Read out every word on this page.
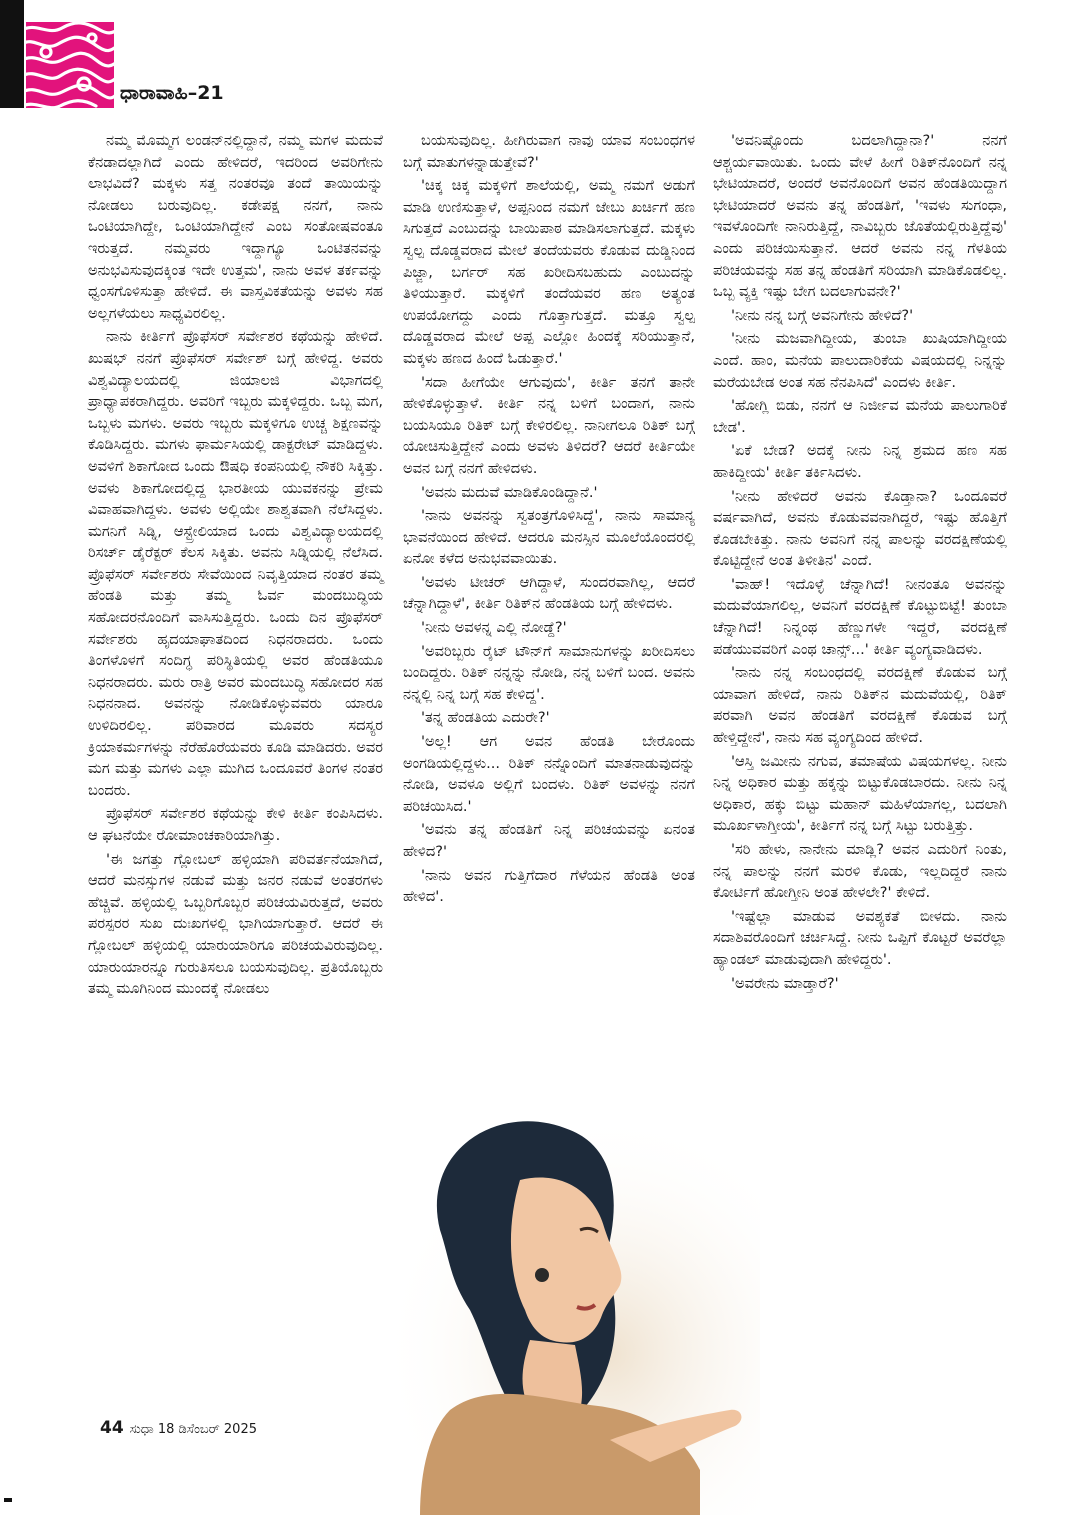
ಧಾರಾವಾಹಿ–21

ನಮ್ಮ ಮೊಮ್ಮಗ ಲಂಡನ್‌ನಲ್ಲಿದ್ದಾನೆ, ನಮ್ಮ ಮಗಳ ಮದುವೆ ಕೆನಡಾದಲ್ಲಾಗಿದೆ ಎಂದು ಹೇಳಿದರೆ, ಇದರಿಂದ ಅವರಿಗೇನು ಲಾಭವಿದೆ? ಮಕ್ಕಳು ಸತ್ತ ನಂತರವೂ ತಂದೆ ತಾಯಿಯನ್ನು ನೋಡಲು ಬರುವುದಿಲ್ಲ. ಕಡೇಪಕ್ಷ ನನಗೆ, ನಾನು ಒಂಟಿಯಾಗಿದ್ದೇ, ಒಂಟಿಯಾಗಿದ್ದೇನೆ ಎಂಬ ಸಂತೋಷವಂತೂ ಇರುತ್ತದೆ. ನಮ್ಮವರು ಇದ್ದಾಗ್ಯೂ ಒಂಟಿತನವನ್ನು ಅನುಭವಿಸುವುದಕ್ಕಿಂತ ಇದೇ ಉತ್ತಮ', ನಾನು ಅವಳ ತರ್ಕವನ್ನು ಧ್ವಂಸಗೊಳಿಸುತ್ತಾ ಹೇಳಿದೆ. ಈ ವಾಸ್ತವಿಕತೆಯನ್ನು ಅವಳು ಸಹ ಅಲ್ಲಗಳೆಯಲು ಸಾಧ್ಯವಿರಲಿಲ್ಲ.

ನಾನು ಕೀರ್ತಿಗೆ ಪ್ರೊಫೆಸರ್ ಸರ್ವೇಶರ ಕಥೆಯನ್ನು ಹೇಳಿದೆ. ಖುಷಭ್ ನನಗೆ ಪ್ರೊಫೆಸರ್ ಸರ್ವೇಶ್ ಬಗ್ಗೆ ಹೇಳಿದ್ದ. ಅವರು ವಿಶ್ವವಿದ್ಯಾಲಯದಲ್ಲಿ ಜಿಯಾಲಜಿ ವಿಭಾಗದಲ್ಲಿ ಪ್ರಾಧ್ಯಾಪಕರಾಗಿದ್ದರು. ಅವರಿಗೆ ಇಬ್ಬರು ಮಕ್ಕಳಿದ್ದರು. ಒಬ್ಬ ಮಗ, ಒಬ್ಬಳು ಮಗಳು. ಅವರು ಇಬ್ಬರು ಮಕ್ಕಳಿಗೂ ಉಚ್ಚ ಶಿಕ್ಷಣವನ್ನು ಕೊಡಿಸಿದ್ದರು. ಮಗಳು ಫಾರ್ಮಸಿಯಲ್ಲಿ ಡಾಕ್ಟರೇಟ್ ಮಾಡಿದ್ದಳು. ಅವಳಿಗೆ ಶಿಕಾಗೋದ ಒಂದು ಔಷಧಿ ಕಂಪನಿಯಲ್ಲಿ ನೌಕರಿ ಸಿಕ್ಕಿತ್ತು. ಅವಳು ಶಿಕಾಗೋದಲ್ಲಿದ್ದ ಭಾರತೀಯ ಯುವಕನನ್ನು ಪ್ರೇಮ ವಿವಾಹವಾಗಿದ್ದಳು. ಅವಳು ಅಲ್ಲಿಯೇ ಶಾಶ್ವತವಾಗಿ ನೆಲೆಸಿದ್ದಳು. ಮಗನಿಗೆ ಸಿಡ್ನಿ, ಆಸ್ಟ್ರೇಲಿಯಾದ ಒಂದು ವಿಶ್ವವಿದ್ಯಾಲಯದಲ್ಲಿ ರಿಸರ್ಚ್ ಡೈರೆಕ್ಟರ್ ಕೆಲಸ ಸಿಕ್ಕಿತು. ಅವನು ಸಿಡ್ನಿಯಲ್ಲಿ ನೆಲೆಸಿದ. ಪ್ರೊಫೆಸರ್ ಸರ್ವೇಶರು ಸೇವೆಯಿಂದ ನಿವೃತ್ತಿಯಾದ ನಂತರ ತಮ್ಮ ಹೆಂಡತಿ ಮತ್ತು ತಮ್ಮ ಓರ್ವ ಮಂದಬುದ್ಧಿಯ ಸಹೋದರನೊಂದಿಗೆ ವಾಸಿಸುತ್ತಿದ್ದರು. ಒಂದು ದಿನ ಪ್ರೊಫೆಸರ್ ಸರ್ವೇಶರು ಹೃದಯಾಘಾತದಿಂದ ನಿಧನರಾದರು. ಒಂದು ತಿಂಗಳೊಳಗೆ ಸಂದಿಗ್ಧ ಪರಿಸ್ಥಿತಿಯಲ್ಲಿ ಅವರ ಹೆಂಡತಿಯೂ ನಿಧನರಾದರು. ಮರು ರಾತ್ರಿ ಅವರ ಮಂದಬುದ್ಧಿ ಸಹೋದರ ಸಹ ನಿಧನನಾದ. ಅವನನ್ನು ನೋಡಿಕೊಳ್ಳುವವರು ಯಾರೂ ಉಳಿದಿರಲಿಲ್ಲ. ಪರಿವಾರದ ಮೂವರು ಸದಸ್ಯರ ಕ್ರಿಯಾಕರ್ಮಗಳನ್ನು ನೆರೆಹೊರೆಯವರು ಕೂಡಿ ಮಾಡಿದರು. ಅವರ ಮಗ ಮತ್ತು ಮಗಳು ಎಲ್ಲಾ ಮುಗಿದ ಒಂದೂವರೆ ತಿಂಗಳ ನಂತರ ಬಂದರು.

ಪ್ರೊಫೆಸರ್ ಸರ್ವೇಶರ ಕಥೆಯನ್ನು ಕೇಳಿ ಕೀರ್ತಿ ಕಂಪಿಸಿದಳು. ಆ ಘಟನೆಯೇ ರೋಮಾಂಚಕಾರಿಯಾಗಿತ್ತು.

'ಈ ಜಗತ್ತು ಗ್ಲೋಬಲ್ ಹಳ್ಳಿಯಾಗಿ ಪರಿವರ್ತನೆಯಾಗಿದೆ, ಆದರೆ ಮನಸ್ಸುಗಳ ನಡುವೆ ಮತ್ತು ಜನರ ನಡುವೆ ಅಂತರಗಳು ಹೆಚ್ಚಿವೆ. ಹಳ್ಳಿಯಲ್ಲಿ ಒಬ್ಬರಿಗೊಬ್ಬರ ಪರಿಚಯವಿರುತ್ತದೆ, ಅವರು ಪರಸ್ಪರರ ಸುಖ ದುಃಖಗಳಲ್ಲಿ ಭಾಗಿಯಾಗುತ್ತಾರೆ. ಆದರೆ ಈ ಗ್ಲೋಬಲ್ ಹಳ್ಳಿಯಲ್ಲಿ ಯಾರುಯಾರಿಗೂ ಪರಿಚಯವಿರುವುದಿಲ್ಲ. ಯಾರುಯಾರನ್ನೂ ಗುರುತಿಸಲೂ ಬಯಸುವುದಿಲ್ಲ. ಪ್ರತಿಯೊಬ್ಬರು ತಮ್ಮ ಮೂಗಿನಿಂದ ಮುಂದಕ್ಕೆ ನೋಡಲು

ಬಯಸುವುದಿಲ್ಲ. ಹೀಗಿರುವಾಗ ನಾವು ಯಾವ ಸಂಬಂಧಗಳ ಬಗ್ಗೆ ಮಾತುಗಳನ್ನಾಡುತ್ತೇವೆ?'

'ಚಿಕ್ಕ ಚಿಕ್ಕ ಮಕ್ಕಳಿಗೆ ಶಾಲೆಯಲ್ಲಿ, ಅಮ್ಮ ನಮಗೆ ಅಡುಗೆ ಮಾಡಿ ಉಣಿಸುತ್ತಾಳೆ, ಅಪ್ಪನಿಂದ ನಮಗೆ ಜೇಬು ಖರ್ಚಿಗೆ ಹಣ ಸಿಗುತ್ತದೆ ಎಂಬುದನ್ನು ಬಾಯಿಪಾಠ ಮಾಡಿಸಲಾಗುತ್ತದೆ. ಮಕ್ಕಳು ಸ್ವಲ್ಪ ದೊಡ್ಡವರಾದ ಮೇಲೆ ತಂದೆಯವರು ಕೊಡುವ ದುಡ್ಡಿನಿಂದ ಪಿಜ್ಜಾ, ಬರ್ಗರ್ ಸಹ ಖರೀದಿಸಬಹುದು ಎಂಬುದನ್ನು ತಿಳಿಯುತ್ತಾರೆ. ಮಕ್ಕಳಿಗೆ ತಂದೆಯವರ ಹಣ ಅತ್ಯಂತ ಉಪಯೋಗದ್ದು ಎಂದು ಗೊತ್ತಾಗುತ್ತದೆ. ಮತ್ತೂ ಸ್ವಲ್ಪ ದೊಡ್ಡವರಾದ ಮೇಲೆ ಅಪ್ಪ ಎಲ್ಲೋ ಹಿಂದಕ್ಕೆ ಸರಿಯುತ್ತಾನೆ, ಮಕ್ಕಳು ಹಣದ ಹಿಂದೆ ಓಡುತ್ತಾರೆ.'

'ಸದಾ ಹೀಗೆಯೇ ಆಗುವುದು', ಕೀರ್ತಿ ತನಗೆ ತಾನೇ ಹೇಳಿಕೊಳ್ಳುತ್ತಾಳೆ. ಕೀರ್ತಿ ನನ್ನ ಬಳಿಗೆ ಬಂದಾಗ, ನಾನು ಬಯಸಿಯೂ ರಿತಿಕ್ ಬಗ್ಗೆ ಕೇಳಿರಲಿಲ್ಲ. ನಾನೀಗಲೂ ರಿತಿಕ್ ಬಗ್ಗೆ ಯೋಚಿಸುತ್ತಿದ್ದೇನೆ ಎಂದು ಅವಳು ತಿಳಿದರೆ? ಆದರೆ ಕೀರ್ತಿಯೇ ಅವನ ಬಗ್ಗೆ ನನಗೆ ಹೇಳಿದಳು.

'ಅವನು ಮದುವೆ ಮಾಡಿಕೊಂಡಿದ್ದಾನೆ.'

'ನಾನು ಅವನನ್ನು ಸ್ವತಂತ್ರಗೊಳಿಸಿದ್ದೆ', ನಾನು ಸಾಮಾನ್ಯ ಭಾವನೆಯಿಂದ ಹೇಳಿದೆ. ಆದರೂ ಮನಸ್ಸಿನ ಮೂಲೆಯೊಂದರಲ್ಲಿ ಏನೋ ಕಳೆದ ಅನುಭವವಾಯಿತು.

'ಅವಳು ಟೀಚರ್ ಆಗಿದ್ದಾಳೆ, ಸುಂದರವಾಗಿಲ್ಲ, ಆದರೆ ಚೆನ್ನಾಗಿದ್ದಾಳೆ', ಕೀರ್ತಿ ರಿತಿಕ್‌ನ ಹೆಂಡತಿಯ ಬಗ್ಗೆ ಹೇಳಿದಳು.

'ನೀನು ಅವಳನ್ನ ಎಲ್ಲಿ ನೋಡ್ದೆ?'

'ಅವರಿಬ್ಬರು ರೈಟ್ ಟೌನ್‌ಗೆ ಸಾಮಾನುಗಳನ್ನು ಖರೀದಿಸಲು ಬಂದಿದ್ದರು. ರಿತಿಕ್ ನನ್ನನ್ನು ನೋಡಿ, ನನ್ನ ಬಳಿಗೆ ಬಂದ. ಅವನು ನನ್ನಲ್ಲಿ ನಿನ್ನ ಬಗ್ಗೆ ಸಹ ಕೇಳಿದ್ದ'.

'ತನ್ನ ಹೆಂಡತಿಯ ಎದುರೇ?'

'ಅಲ್ಲ! ಆಗ ಅವನ ಹೆಂಡತಿ ಬೇರೊಂದು ಅಂಗಡಿಯಲ್ಲಿದ್ದಳು... ರಿತಿಕ್ ನನ್ನೊಂದಿಗೆ ಮಾತನಾಡುವುದನ್ನು ನೋಡಿ, ಅವಳೂ ಅಲ್ಲಿಗೆ ಬಂದಳು. ರಿತಿಕ್ ಅವಳನ್ನು ನನಗೆ ಪರಿಚಯಿಸಿದ.'

'ಅವನು ತನ್ನ ಹೆಂಡತಿಗೆ ನಿನ್ನ ಪರಿಚಯವನ್ನು ಏನಂತ ಹೇಳಿದ?'

'ನಾನು ಅವನ ಗುತ್ತಿಗೆದಾರ ಗೆಳೆಯನ ಹೆಂಡತಿ ಅಂತ ಹೇಳಿದ'.

'ಅವನಿಷ್ಟೊಂದು ಬದಲಾಗಿದ್ದಾನಾ?' ನನಗೆ ಆಶ್ಚರ್ಯವಾಯಿತು. ಒಂದು ವೇಳೆ ಹೀಗೆ ರಿತಿಕ್‌ನೊಂದಿಗೆ ನನ್ನ ಭೇಟಿಯಾದರೆ, ಅಂದರೆ ಅವನೊಂದಿಗೆ ಅವನ ಹೆಂಡತಿಯಿದ್ದಾಗ ಭೇಟಿಯಾದರೆ ಅವನು ತನ್ನ ಹೆಂಡತಿಗೆ, 'ಇವಳು ಸುಗಂಧಾ, ಇವಳೊಂದಿಗೇ ನಾನಿರುತ್ತಿದ್ದೆ, ನಾವಿಬ್ಬರು ಜೊತೆಯಲ್ಲಿರುತ್ತಿದ್ದೆವು' ಎಂದು ಪರಿಚಯಿಸುತ್ತಾನೆ. ಆದರೆ ಅವನು ನನ್ನ ಗೆಳತಿಯ ಪರಿಚಯವನ್ನು ಸಹ ತನ್ನ ಹೆಂಡತಿಗೆ ಸರಿಯಾಗಿ ಮಾಡಿಕೊಡಲಿಲ್ಲ. ಒಬ್ಬ ವ್ಯಕ್ತಿ ಇಷ್ಟು ಬೇಗ ಬದಲಾಗುವನೇ?'

'ನೀನು ನನ್ನ ಬಗ್ಗೆ ಅವನಿಗೇನು ಹೇಳಿದೆ?'

'ನೀನು ಮಜವಾಗಿದ್ದೀಯ, ತುಂಬಾ ಖುಷಿಯಾಗಿದ್ದೀಯ ಎಂದೆ. ಹಾಂ, ಮನೆಯ ಪಾಲುದಾರಿಕೆಯ ವಿಷಯದಲ್ಲಿ ನಿನ್ನನ್ನು ಮರೆಯಬೇಡ ಅಂತ ಸಹ ನೆನಪಿಸಿದೆ' ಎಂದಳು ಕೀರ್ತಿ.

'ಹೋಗ್ಲಿ ಬಿಡು, ನನಗೆ ಆ ನಿರ್ಜೀವ ಮನೆಯ ಪಾಲುಗಾರಿಕೆ ಬೇಡ'.

'ಏಕೆ ಬೇಡ? ಅದಕ್ಕೆ ನೀನು ನಿನ್ನ ಶ್ರಮದ ಹಣ ಸಹ ಹಾಕಿದ್ದೀಯ' ಕೀರ್ತಿ ತರ್ಕಿಸಿದಳು.

'ನೀನು ಹೇಳಿದರೆ ಅವನು ಕೊಡ್ತಾನಾ? ಒಂದೂವರೆ ವರ್ಷವಾಗಿದೆ, ಅವನು ಕೊಡುವವನಾಗಿದ್ದರೆ, ಇಷ್ಟು ಹೊತ್ತಿಗೆ ಕೊಡಬೇಕಿತ್ತು. ನಾನು ಅವನಿಗೆ ನನ್ನ ಪಾಲನ್ನು ವರದಕ್ಷಿಣೆಯಲ್ಲಿ ಕೊಟ್ಟಿದ್ದೇನೆ ಅಂತ ತಿಳೀತಿನ' ಎಂದೆ.

'ವಾಹ್! ಇದೊಳ್ಳೆ ಚೆನ್ನಾಗಿದೆ! ನೀನಂತೂ ಅವನನ್ನು ಮದುವೆಯಾಗಲಿಲ್ಲ, ಅವನಿಗೆ ವರದಕ್ಷಿಣೆ ಕೊಟ್ಟುಬಿಟ್ಟೆ! ತುಂಬಾ ಚೆನ್ನಾಗಿದೆ! ನಿನ್ನಂಥ ಹೆಣ್ಣುಗಳೇ ಇದ್ದರೆ, ವರದಕ್ಷಿಣೆ ಪಡೆಯುವವರಿಗೆ ಎಂಥ ಚಾನ್ಸ್...' ಕೀರ್ತಿ ವ್ಯಂಗ್ಯವಾಡಿದಳು.

'ನಾನು ನನ್ನ ಸಂಬಂಧದಲ್ಲಿ ವರದಕ್ಷಿಣೆ ಕೊಡುವ ಬಗ್ಗೆ ಯಾವಾಗ ಹೇಳಿದೆ, ನಾನು ರಿತಿಕ್‌ನ ಮದುವೆಯಲ್ಲಿ, ರಿತಿಕ್ ಪರವಾಗಿ ಅವನ ಹೆಂಡತಿಗೆ ವರದಕ್ಷಿಣೆ ಕೊಡುವ ಬಗ್ಗೆ ಹೇಳ್ತಿದ್ದೇನೆ', ನಾನು ಸಹ ವ್ಯಂಗ್ಯದಿಂದ ಹೇಳಿದೆ.

'ಆಸ್ತಿ ಜಮೀನು ನಗುವ, ತಮಾಷೆಯ ವಿಷಯಗಳಲ್ಲ. ನೀನು ನಿನ್ನ ಅಧಿಕಾರ ಮತ್ತು ಹಕ್ಕನ್ನು ಬಿಟ್ಟುಕೊಡಬಾರದು. ನೀನು ನಿನ್ನ ಅಧಿಕಾರ, ಹಕ್ಕು ಬಿಟ್ಟು ಮಹಾನ್ ಮಹಿಳೆಯಾಗಲ್ಲ, ಬದಲಾಗಿ ಮೂರ್ಖಳಾಗ್ತೀಯ', ಕೀರ್ತಿಗೆ ನನ್ನ ಬಗ್ಗೆ ಸಿಟ್ಟು ಬರುತ್ತಿತ್ತು.

'ಸರಿ ಹೇಳು, ನಾನೇನು ಮಾಡ್ಲಿ? ಅವನ ಎದುರಿಗೆ ನಿಂತು, ನನ್ನ ಪಾಲನ್ನು ನನಗೆ ಮರಳಿ ಕೊಡು, ಇಲ್ಲದಿದ್ದರೆ ನಾನು ಕೋರ್ಟಿಗೆ ಹೋಗ್ತೀನಿ ಅಂತ ಹೇಳಲೇ?' ಕೇಳಿದೆ.

'ಇಷ್ಟೆಲ್ಲಾ ಮಾಡುವ ಅವಶ್ಯಕತೆ ಬೀಳದು. ನಾನು ಸದಾಶಿವರೊಂದಿಗೆ ಚರ್ಚಿಸಿದ್ದೆ. ನೀನು ಒಪ್ಪಿಗೆ ಕೊಟ್ಟರೆ ಅವರೆಲ್ಲಾ ಹ್ಯಾಂಡಲ್ ಮಾಡುವುದಾಗಿ ಹೇಳಿದ್ದರು'.

'ಅವರೇನು ಮಾಡ್ತಾರೆ?'

44 ಸುಧಾ 18 ಡಿಸೆಂಬರ್ 2025
